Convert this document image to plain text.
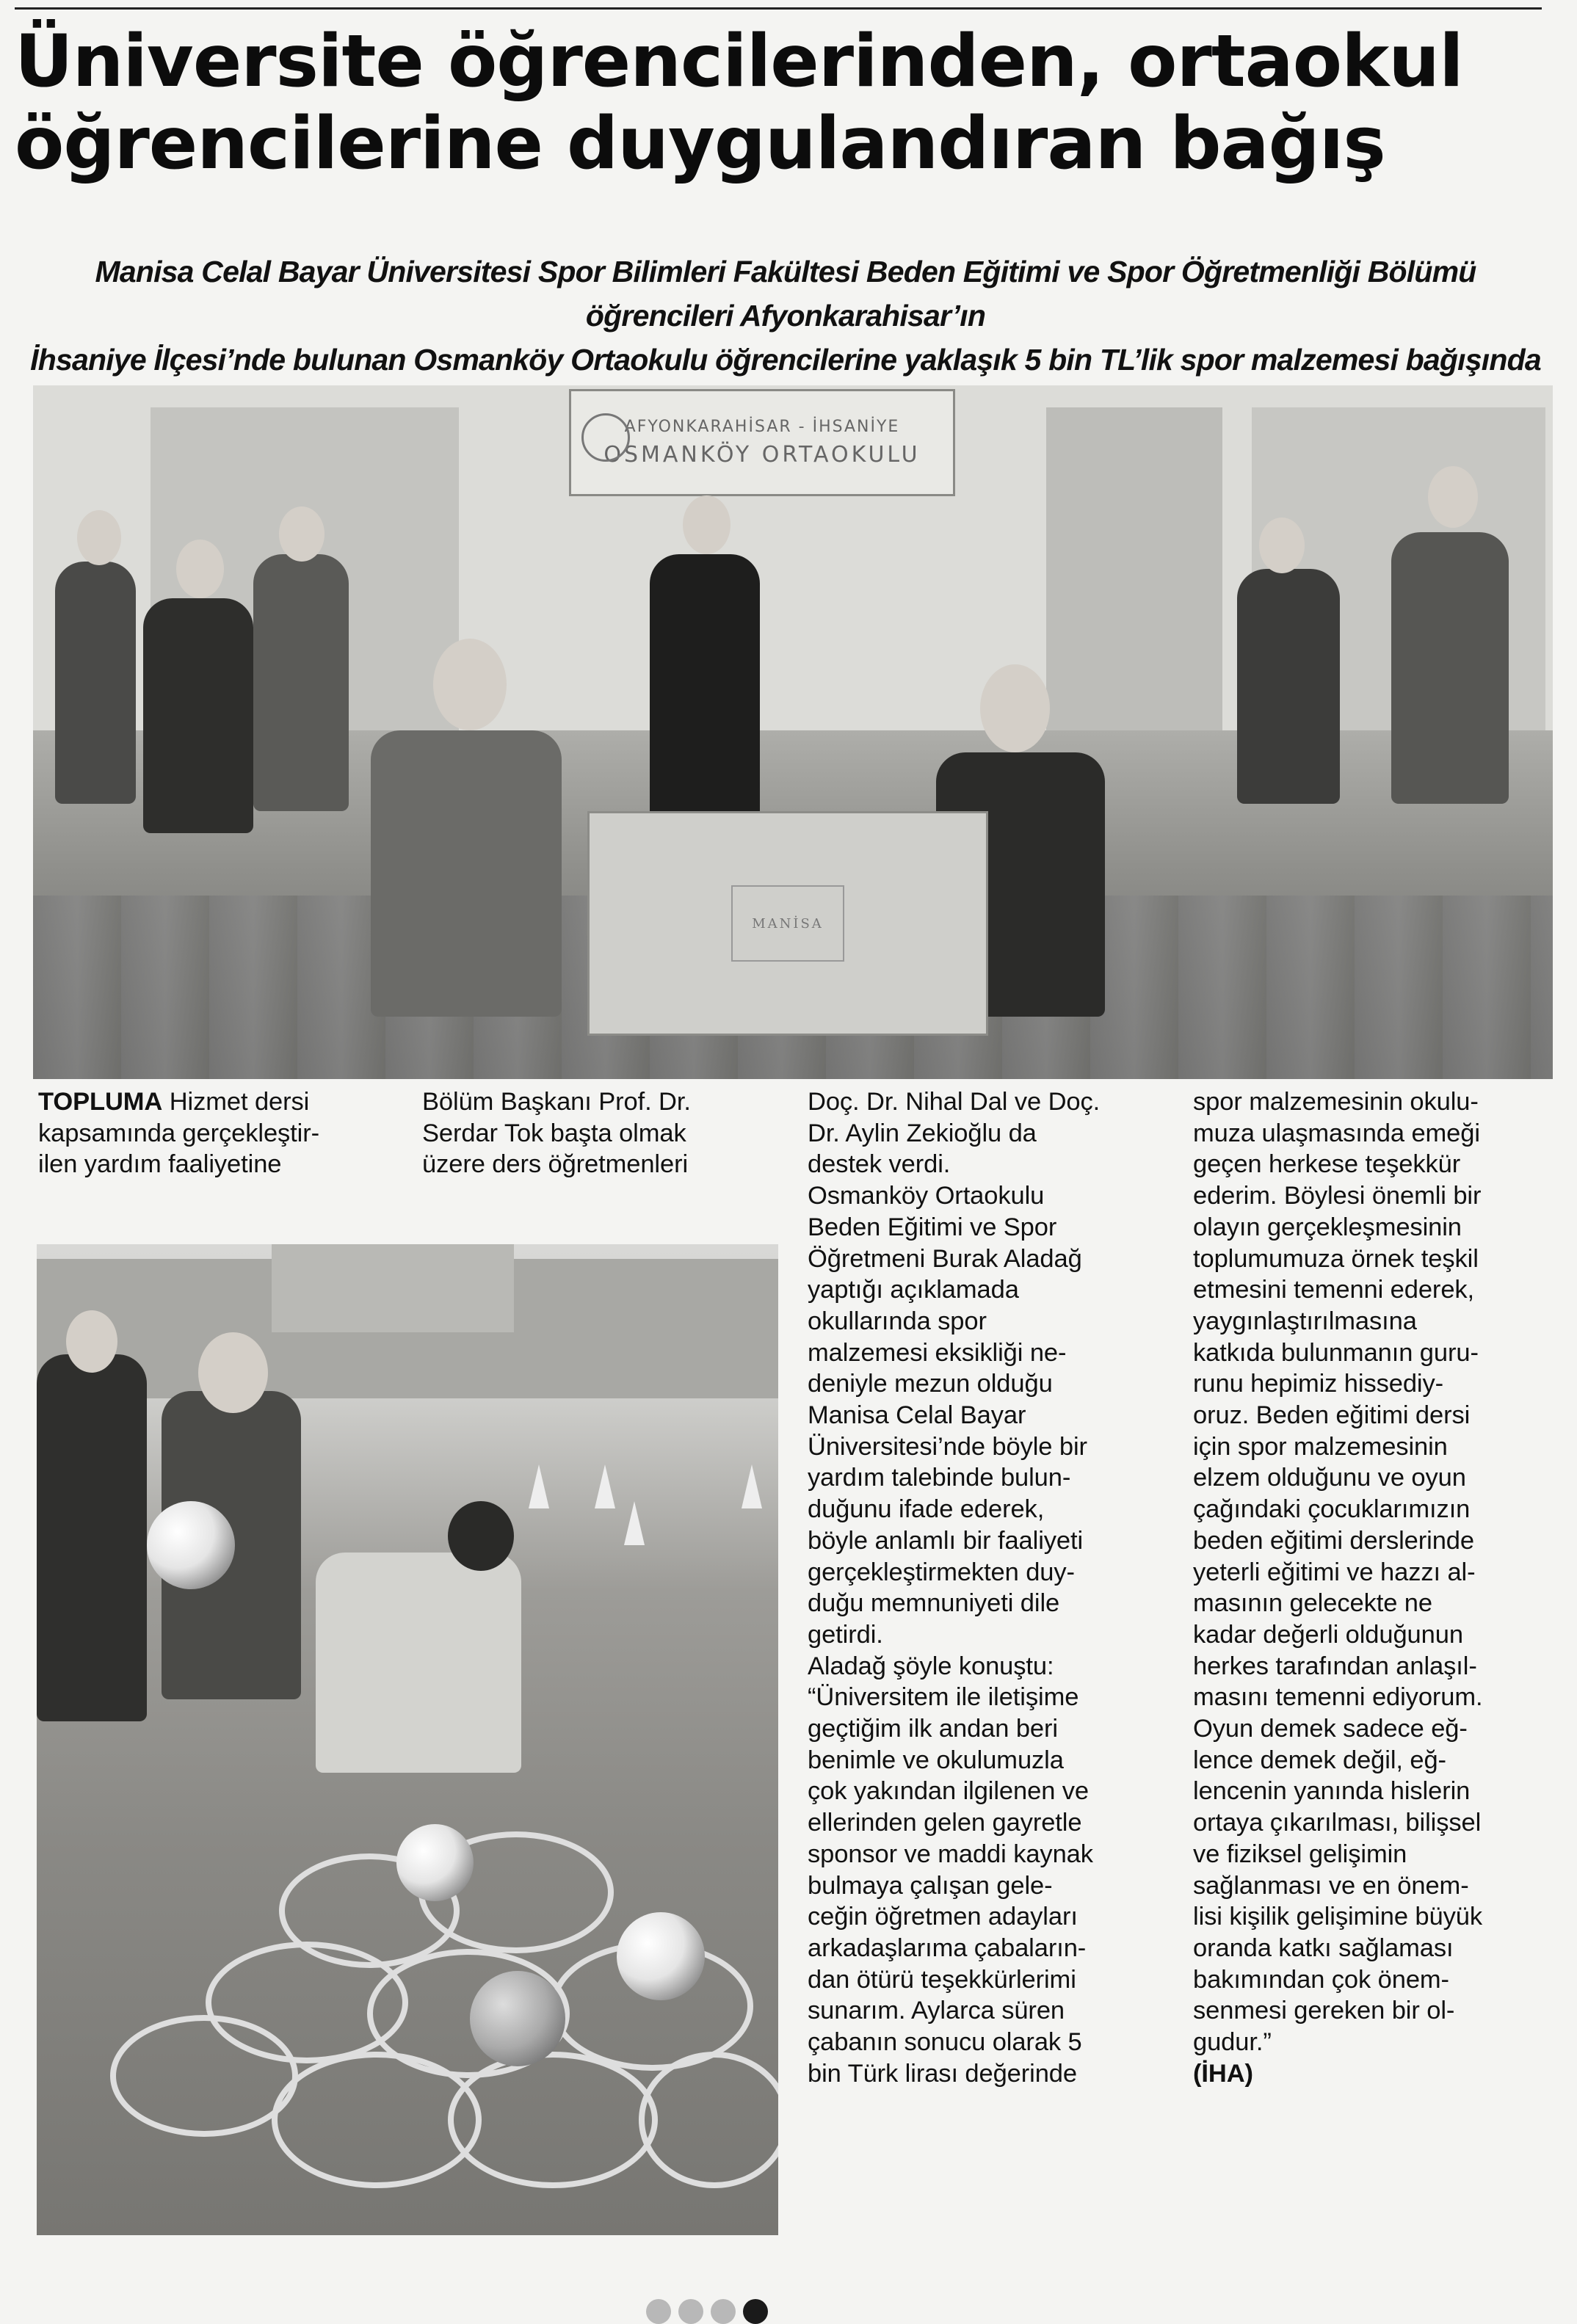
Üniversite öğrencilerinden, ortaokul
öğrencilerine duygulandıran bağış
Manisa Celal Bayar Üniversitesi Spor Bilimleri Fakültesi Beden Eğitimi ve Spor Öğretmenliği Bölümü öğrencileri Afyonkarahisar’ın
İhsaniye İlçesi’nde bulunan Osmanköy Ortaokulu öğrencilerine yaklaşık 5 bin TL’lik spor malzemesi bağışında
AFYONKARAHİSAR - İHSANİYE
OSMANKÖY ORTAOKULU
MANİSA
TOPLUMA Hizmet dersi
kapsamında gerçekleştir-
ilen yardım faaliyetine
Bölüm Başkanı Prof. Dr.
Serdar Tok başta olmak
üzere ders öğretmenleri
Doç. Dr. Nihal Dal ve Doç.
Dr. Aylin Zekioğlu da
destek verdi.
Osmanköy Ortaokulu
Beden Eğitimi ve Spor
Öğretmeni Burak Aladağ
yaptığı açıklamada
okullarında spor
malzemesi eksikliği ne-
deniyle mezun olduğu
Manisa Celal Bayar
Üniversitesi’nde böyle bir
yardım talebinde bulun-
duğunu ifade ederek,
böyle anlamlı bir faaliyeti
gerçekleştirmekten duy-
duğu memnuniyeti dile
getirdi.
Aladağ şöyle konuştu:
“Üniversitem ile iletişime
geçtiğim ilk andan beri
benimle ve okulumuzla
çok yakından ilgilenen ve
ellerinden gelen gayretle
sponsor ve maddi kaynak
bulmaya çalışan gele-
ceğin öğretmen adayları
arkadaşlarıma çabaların-
dan ötürü teşekkürlerimi
sunarım. Aylarca süren
çabanın sonucu olarak 5
bin Türk lirası değerinde
spor malzemesinin okulu-
muza ulaşmasında emeği
geçen herkese teşekkür
ederim. Böylesi önemli bir
olayın gerçekleşmesinin
toplumumuza örnek teşkil
etmesini temenni ederek,
yaygınlaştırılmasına
katkıda bulunmanın guru-
runu hepimiz hissediy-
oruz. Beden eğitimi dersi
için spor malzemesinin
elzem olduğunu ve oyun
çağındaki çocuklarımızın
beden eğitimi derslerinde
yeterli eğitimi ve hazzı al-
masının gelecekte ne
kadar değerli olduğunun
herkes tarafından anlaşıl-
masını temenni ediyorum.
Oyun demek sadece eğ-
lence demek değil, eğ-
lencenin yanında hislerin
ortaya çıkarılması, bilişsel
ve fiziksel gelişimin
sağlanması ve en önem-
lisi kişilik gelişimine büyük
oranda katkı sağlaması
bakımından çok önem-
senmesi gereken bir ol-
gudur.”
(İHA)
